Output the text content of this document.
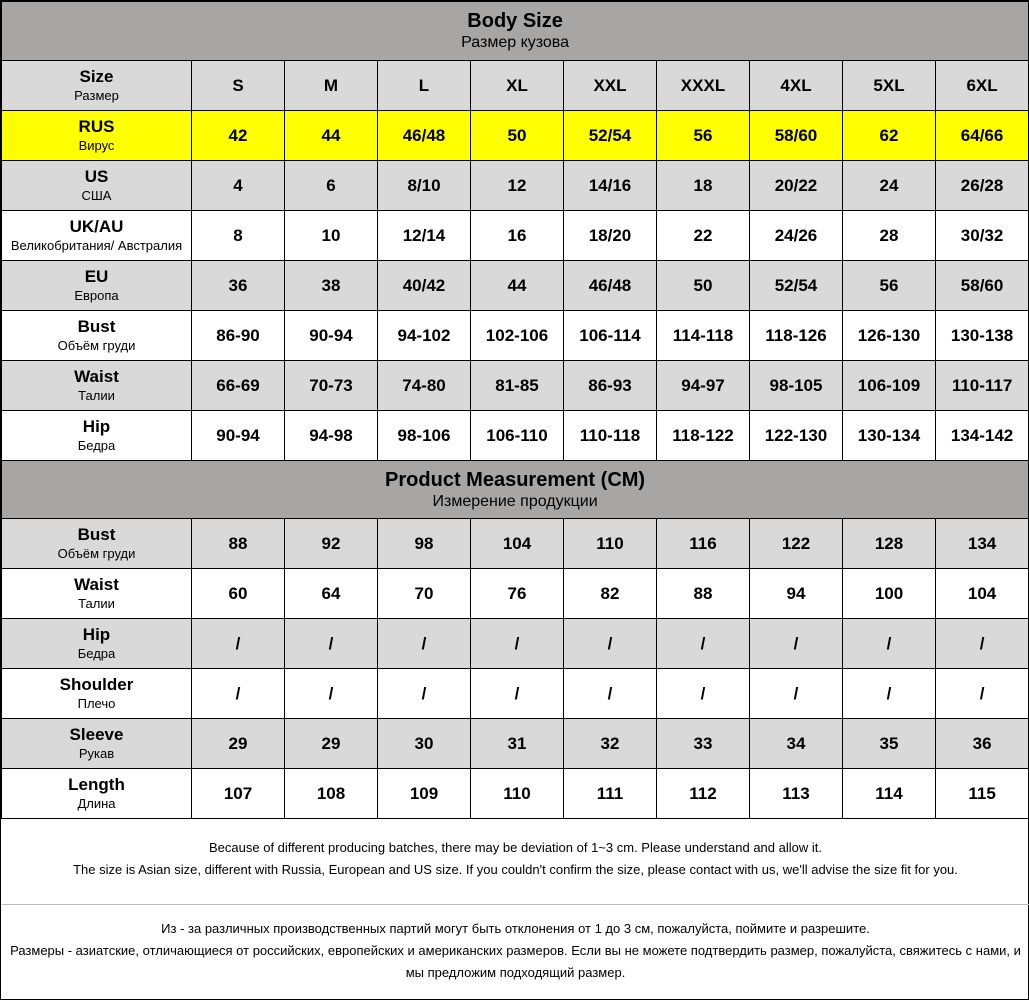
Body Size
Размер кузова									

Size
Размер	S	M	L	XL	XXL	XXXL	4XL	5XL	6XL

RUS
Вирус	42	44	46/48	50	52/54	56	58/60	62	64/66

US
США	4	6	8/10	12	14/16	18	20/22	24	26/28

UK/AU
Великобритания/ Австралия	8	10	12/14	16	18/20	22	24/26	28	30/32

EU
Европа	36	38	40/42	44	46/48	50	52/54	56	58/60

Bust
Объём груди	86-90	90-94	94-102	102-106	106-114	114-118	118-126	126-130	130-138

Waist
Талии	66-69	70-73	74-80	81-85	86-93	94-97	98-105	106-109	110-117

Hip
Бедра	90-94	94-98	98-106	106-110	110-118	118-122	122-130	130-134	134-142

Product Measurement (CM)
Измерение продукции									

Bust
Объём груди	88	92	98	104	110	116	122	128	134

Waist
Талии	60	64	70	76	82	88	94	100	104

Hip
Бедра	/	/	/	/	/	/	/	/	/

Shoulder
Плечо	/	/	/	/	/	/	/	/	/

Sleeve
Рукав	29	29	30	31	32	33	34	35	36

Length
Длина	107	108	109	110	111	112	113	114	115
Because of different producing batches, there may be deviation of 1~3 cm. Please understand and allow it.
The size is Asian size, different with Russia, European and US size. If you couldn't confirm the size, please contact with us, we'll advise the size fit for you.
Из - за различных производственных партий могут быть отклонения от 1 до 3 см, пожалуйста, поймите и разрешите.
Размеры - азиатские, отличающиеся от российских, европейских и американских размеров. Если вы не можете подтвердить размер, пожалуйста, свяжитесь с нами, и мы предложим подходящий размер.
